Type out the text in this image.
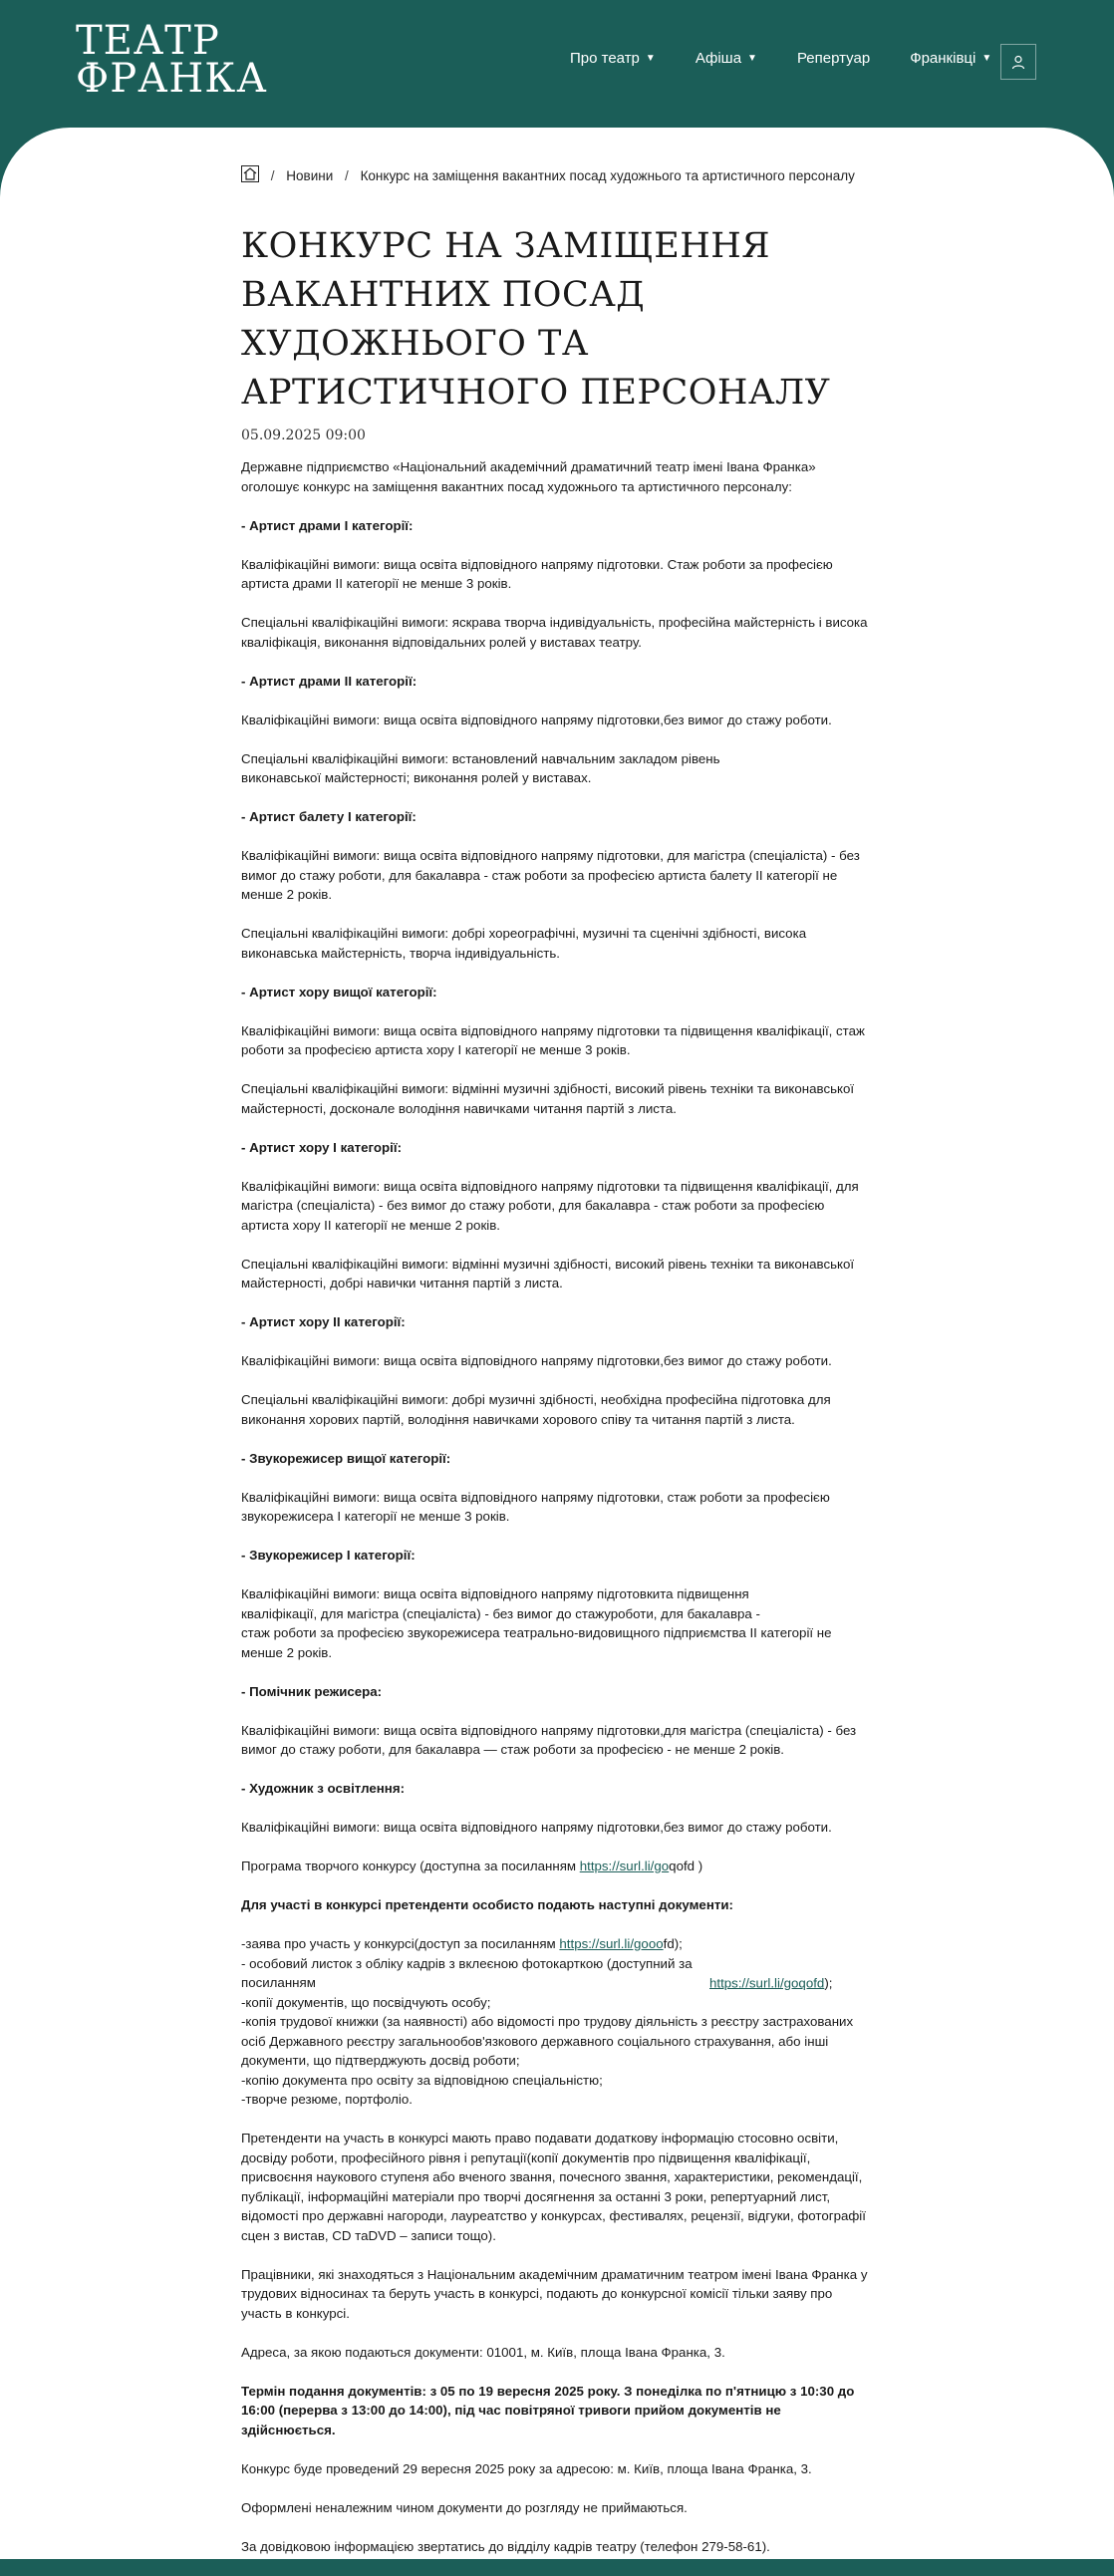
ТЕАТР
ФРАНКА	Про театр ▼	Афіша ▼	Репертуар	Франківці ▼
/ Новини / Конкурс на заміщення вакантних посад художнього та артистичного персоналу
КОНКУРС НА ЗАМІЩЕННЯ ВАКАНТНИХ ПОСАД ХУДОЖНЬОГО ТА АРТИСТИЧНОГО ПЕРСОНАЛУ
05.09.2025 09:00

Державне підприємство «Національний академічний драматичний театр імені Івана Франка» оголошує конкурс на заміщення вакантних посад художнього та артистичного персоналу:

- Артист драми І категорії:

Кваліфікаційні вимоги: вища освіта відповідного напряму підготовки. Стаж роботи за професією артиста драми ІІ категорії не менше 3 років.

Спеціальні кваліфікаційні вимоги: яскрава творча індивідуальність, професійна майстерність і висока кваліфікація, виконання відповідальних ролей у виставах театру.

- Артист драми ІІ категорії:

Кваліфікаційні вимоги: вища освіта відповідного напряму підготовки,без вимог до стажу роботи.

Спеціальні кваліфікаційні вимоги: встановлений навчальним закладом рівень виконавської майстерності; виконання ролей у виставах.

- Артист балету І категорії:

Кваліфікаційні вимоги: вища освіта відповідного напряму підготовки, для магістра (спеціаліста) - без вимог до стажу роботи, для бакалавра - стаж роботи за професією артиста балету ІІ категорії не менше 2 років.

Спеціальні кваліфікаційні вимоги: добрі хореографічні, музичні та сценічні здібності, висока виконавська майстерність, творча індивідуальність.

- Артист хору вищої категорії:

Кваліфікаційні вимоги: вища освіта відповідного напряму підготовки та підвищення кваліфікації, стаж роботи за професією артиста хору І категорії не менше 3 років.

Спеціальні кваліфікаційні вимоги: відмінні музичні здібності, високий рівень техніки та виконавської майстерності, досконале володіння навичками читання партій з листа.

- Артист хору І категорії:

Кваліфікаційні вимоги: вища освіта відповідного напряму підготовки та підвищення кваліфікації, для магістра (спеціаліста) - без вимог до стажу роботи, для бакалавра - стаж роботи за професією артиста хору ІІ категорії не менше 2 років.

Спеціальні кваліфікаційні вимоги: відмінні музичні здібності, високий рівень техніки та виконавської майстерності, добрі навички читання партій з листа.

- Артист хору ІІ категорії:

Кваліфікаційні вимоги: вища освіта відповідного напряму підготовки,без вимог до стажу роботи.

Спеціальні кваліфікаційні вимоги: добрі музичні здібності, необхідна професійна підготовка для виконання хорових партій, володіння навичками хорового співу та читання партій з листа.

- Звукорежисер вищої категорії:

Кваліфікаційні вимоги: вища освіта відповідного напряму підготовки, стаж роботи за професією звукорежисера І категорії не менше 3 років.

- Звукорежисер І категорії:

Кваліфікаційні вимоги: вища освіта відповідного напряму підготовкита підвищення
кваліфікації, для магістра (спеціаліста) - без вимог до стажуроботи, для бакалавра -
стаж роботи за професією звукорежисера театрально-видовищного підприємства ІІ категорії не менше 2 років.

- Помічник режисера:

Кваліфікаційні вимоги: вища освіта відповідного напряму підготовки,для магістра (спеціаліста) - без вимог до стажу роботи, для бакалавра — стаж роботи за професією - не менше 2 років.

- Художник з освітлення:

Кваліфікаційні вимоги: вища освіта відповідного напряму підготовки,без вимог до стажу роботи.

Програма творчого конкурсу (доступна за посиланням https://surl.li/goqofd )

Для участі в конкурсі претенденти особисто подають наступні документи:

-заява про участь у конкурсі(доступ за посиланням https://surl.li/gooofd);
- особовий листок з обліку кадрів з вклеєною фотокарткою (доступний за посиланням	https://surl.li/goqofd);
-копії документів, що посвідчують особу;
-копія трудової книжки (за наявності) або відомості про трудову діяльність з реєстру застрахованих осіб Державного реєстру загальнообов'язкового державного соціального страхування, або інші документи, що підтверджують досвід роботи;
-копію документа про освіту за відповідною спеціальністю;
-творче резюме, портфоліо.

Претенденти на участь в конкурсі мають право подавати додаткову інформацію стосовно освіти, досвіду роботи, професійного рівня і репутації(копії документів про підвищення кваліфікації, присвоєння наукового ступеня або вченого звання, почесного звання, характеристики, рекомендації, публікації, інформаційні матеріали про творчі досягнення за останні 3 роки, репертуарний лист, відомості про державні нагороди, лауреатство у конкурсах, фестивалях, рецензії, відгуки, фотографії сцен з вистав, CD таDVD – записи тощо).

Працівники, які знаходяться з Національним академічним драматичним театром імені Івана Франка у трудових відносинах та беруть участь в конкурсі, подають до конкурсної комісії тільки заяву про участь в конкурсі.

Адреса, за якою подаються документи: 01001, м. Київ, площа Івана Франка, 3.

Термін подання документів: з 05 по 19 вересня 2025 року. З понеділка по п'ятницю з 10:30 до 16:00 (перерва з 13:00 до 14:00), під час повітряної тривоги прийом документів не здійснюється.

Конкурс буде проведений 29 вересня 2025 року за адресою: м. Київ, площа Івана Франка, 3.

Оформлені неналежним чином документи до розгляду не приймаються.

За довідковою інформацією звертатись до відділу кадрів театру (телефон 279-58-61).
